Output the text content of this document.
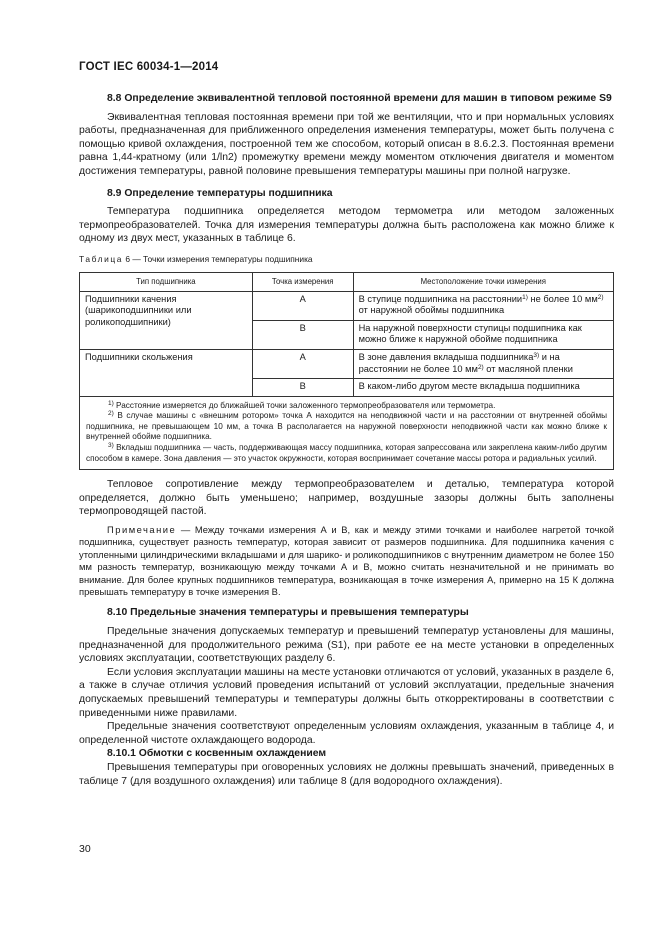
ГОСТ IEC 60034-1—2014

8.8 Определение эквивалентной тепловой постоянной времени для машин в типовом режиме S9

Эквивалентная тепловая постоянная времени при той же вентиляции, что и при нормальных условиях работы, предназначенная для приближенного определения изменения температуры, может быть получена с помощью кривой охлаждения, построенной тем же способом, который описан в 8.6.2.3. Постоянная времени равна 1,44-кратному (или 1/ln2) промежутку времени между моментом отключения двигателя и моментом достижения температуры, равной половине превышения температуры машины при полной нагрузке.

8.9 Определение температуры подшипника

Температура подшипника определяется методом термометра или методом заложенных термопреобразователей. Точка для измерения температуры должна быть расположена как можно ближе к одному из двух мест, указанных в таблице 6.

Таблица 6 — Точки измерения температуры подшипника

Тип подшипника	Точка измерения	Местоположение точки измерения
Подшипники качения (шарикоподшипники или роликоподшипники)	А	В ступице подшипника на расстоянии$^{1)}$ не более 10 $мм^{2)}$ от наружной обоймы подшипника
	В	На наружной поверхности ступицы подшипника как можно ближе к наружной обойме подшипника
Подшипники скольжения	А	В зоне давления вкладыша подшипника$^{3)}$ и на расстоянии не более 10 $мм^{2)}$ от масляной пленки
	В	В каком-либо другом месте вкладыша подшипника

$^{1)}$ Расстояние измеряется до ближайшей точки заложенного термопреобразователя или термометра.

$^{2)}$ В случае машины с «внешним ротором» точка А находится на неподвижной части и на расстоянии от внутренней обоймы подшипника, не превышающем 10 мм, а точка В располагается на наружной поверхности неподвижной части как можно ближе к внутренней обойме подшипника.

$^{3)}$ Вкладыш подшипника — часть, поддерживающая массу подшипника, которая запрессована или закреплена каким-либо другим способом в камере. Зона давления — это участок окружности, которая воспринимает сочетание массы ротора и радиальных усилий.		

Тепловое сопротивление между термопреобразователем и деталью, температура которой определяется, должно быть уменьшено; например, воздушные зазоры должны быть заполнены термопроводящей пастой.

Примечание — Между точками измерения А и В, как и между этими точками и наиболее нагретой точкой подшипника, существует разность температур, которая зависит от размеров подшипника. Для подшипника качения с утопленными цилиндрическими вкладышами и для шарико- и роликоподшипников с внутренним диаметром не более 150 мм разность температур, возникающую между точками А и В, можно считать незначительной и не принимать во внимание. Для более крупных подшипников температура, возникающая в точке измерения А, примерно на 15 К должна превышать температуру в точке измерения В.

8.10 Предельные значения температуры и превышения температуры

Предельные значения допускаемых температур и превышений температур установлены для машины, предназначенной для продолжительного режима (S1), при работе ее на месте установки в определенных условиях эксплуатации, соответствующих разделу 6.

Если условия эксплуатации машины на месте установки отличаются от условий, указанных в разделе 6, а также в случае отличия условий проведения испытаний от условий эксплуатации, предельные значения допускаемых превышений температуры и температуры должны быть откорректированы в соответствии с приведенными ниже правилами.

Предельные значения соответствуют определенным условиям охлаждения, указанным в таблице 4, и определенной чистоте охлаждающего водорода.

8.10.1 Обмотки с косвенным охлаждением

Превышения температуры при оговоренных условиях не должны превышать значений, приведенных в таблице 7 (для воздушного охлаждения) или таблице 8 (для водородного охлаждения).

30
